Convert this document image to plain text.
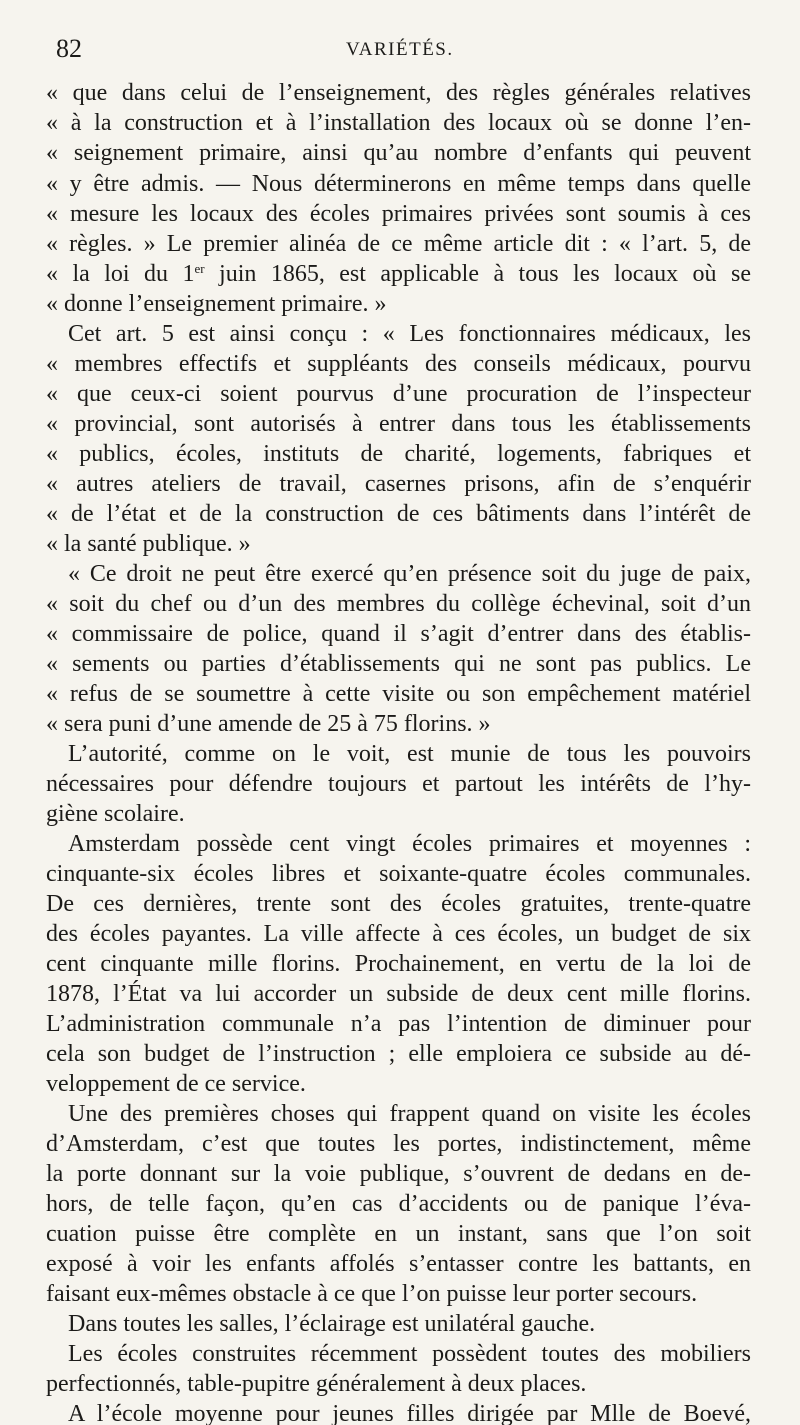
82	VARIÉTÉS.
« que dans celui de l’enseignement, des règles générales relatives
« à la construction et à l’installation des locaux où se donne l’en-
« seignement primaire, ainsi qu’au nombre d’enfants qui peuvent
« y être admis. — Nous déterminerons en même temps dans quelle
« mesure les locaux des écoles primaires privées sont soumis à ces
« règles. » Le premier alinéa de ce même article dit : « l’art. 5, de
« la loi du 1er juin 1865, est applicable à tous les locaux où se
« donne l’enseignement primaire. »
Cet art. 5 est ainsi conçu : « Les fonctionnaires médicaux, les
« membres effectifs et suppléants des conseils médicaux, pourvu
« que ceux-ci soient pourvus d’une procuration de l’inspecteur
« provincial, sont autorisés à entrer dans tous les établissements
« publics, écoles, instituts de charité, logements, fabriques et
« autres ateliers de travail, casernes prisons, afin de s’enquérir
« de l’état et de la construction de ces bâtiments dans l’intérêt de
« la santé publique. »
« Ce droit ne peut être exercé qu’en présence soit du juge de paix,
« soit du chef ou d’un des membres du collège échevinal, soit d’un
« commissaire de police, quand il s’agit d’entrer dans des établis-
« sements ou parties d’établissements qui ne sont pas publics. Le
« refus de se soumettre à cette visite ou son empêchement matériel
« sera puni d’une amende de 25 à 75 florins. »
L’autorité, comme on le voit, est munie de tous les pouvoirs
nécessaires pour défendre toujours et partout les intérêts de l’hy-
giène scolaire.
Amsterdam possède cent vingt écoles primaires et moyennes :
cinquante-six écoles libres et soixante-quatre écoles communales.
De ces dernières, trente sont des écoles gratuites, trente-quatre
des écoles payantes. La ville affecte à ces écoles, un budget de six
cent cinquante mille florins. Prochainement, en vertu de la loi de
1878, l’État va lui accorder un subside de deux cent mille florins.
L’administration communale n’a pas l’intention de diminuer pour
cela son budget de l’instruction ; elle emploiera ce subside au dé-
veloppement de ce service.
Une des premières choses qui frappent quand on visite les écoles
d’Amsterdam, c’est que toutes les portes, indistinctement, même
la porte donnant sur la voie publique, s’ouvrent de dedans en de-
hors, de telle façon, qu’en cas d’accidents ou de panique l’éva-
cuation puisse être complète en un instant, sans que l’on soit
exposé à voir les enfants affolés s’entasser contre les battants, en
faisant eux-mêmes obstacle à ce que l’on puisse leur porter secours.
Dans toutes les salles, l’éclairage est unilatéral gauche.
Les écoles construites récemment possèdent toutes des mobiliers
perfectionnés, table-pupitre généralement à deux places.
A l’école moyenne pour jeunes filles dirigée par Mlle de Boevé,
